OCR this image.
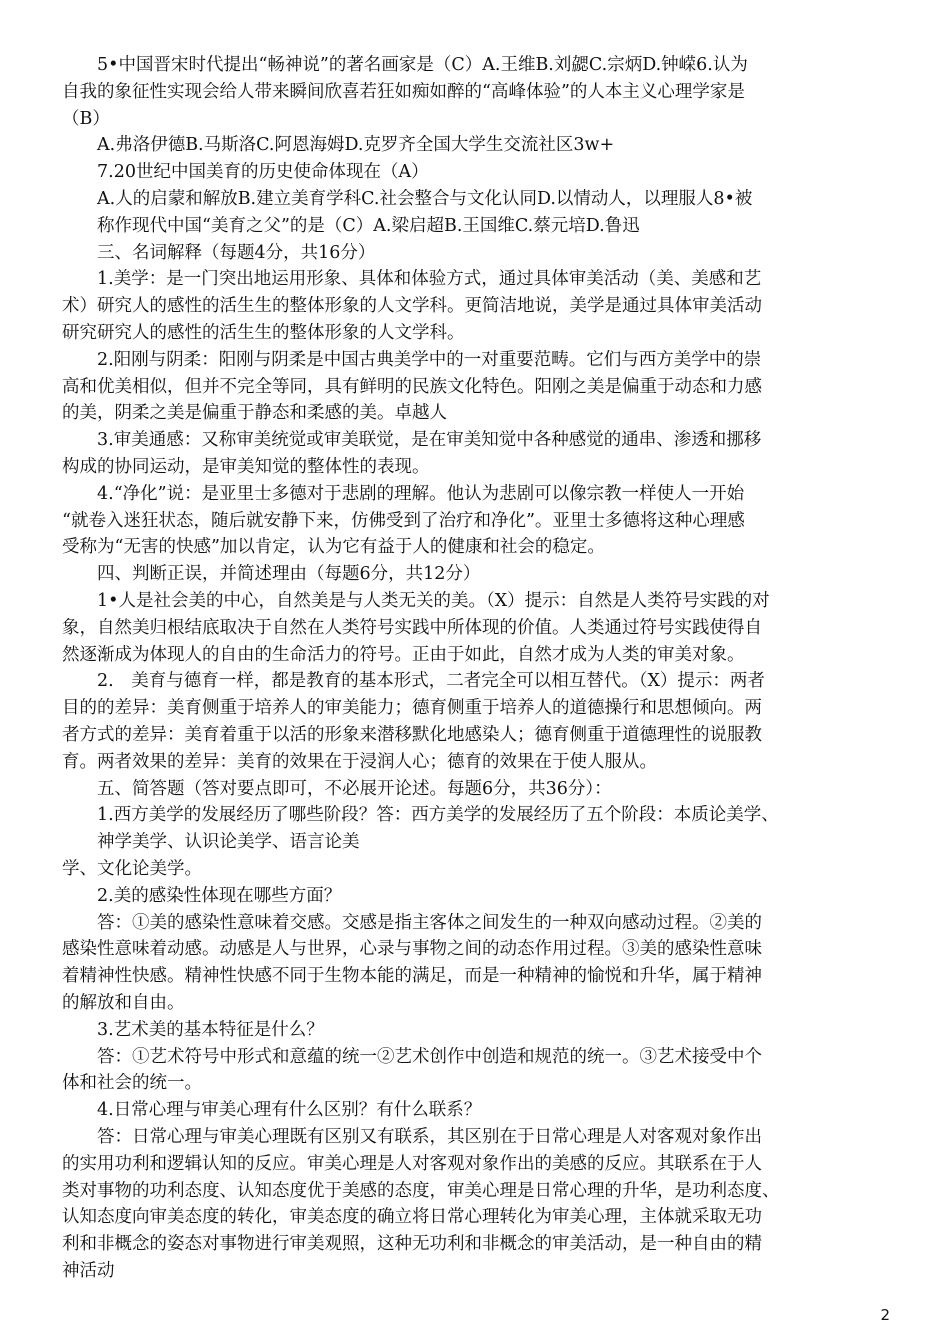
　　5•中国晋宋时代提出“畅神说”的著名画家是（C）A.王维B.刘勰C.宗炳D.钟嵘6.认为
自我的象征性实现会给人带来瞬间欣喜若狂如痴如醉的“高峰体验”的人本主义心理学家是
（B）
　　A.弗洛伊德B.马斯洛C.阿恩海姆D.克罗齐全国大学生交流社区3w+
　　7.20世纪中国美育的历史使命体现在（A）
　　A.人的启蒙和解放B.建立美育学科C.社会整合与文化认同D.以情动人，以理服人8•被
　　称作现代中国“美育之父”的是（C）A.梁启超B.王国维C.蔡元培D.鲁迅
　　三、名词解释（每题4分，共16分）
　　1.美学：是一门突出地运用形象、具体和体验方式，通过具体审美活动（美、美感和艺
术）研究人的感性的活生生的整体形象的人文学科。更简洁地说，美学是通过具体审美活动
研究研究人的感性的活生生的整体形象的人文学科。
　　2.阳刚与阴柔：阳刚与阴柔是中国古典美学中的一对重要范畴。它们与西方美学中的崇
高和优美相似，但并不完全等同，具有鲜明的民族文化特色。阳刚之美是偏重于动态和力感
的美，阴柔之美是偏重于静态和柔感的美。卓越人
　　3.审美通感：又称审美统觉或审美联觉，是在审美知觉中各种感觉的通串、渗透和挪移
构成的协同运动，是审美知觉的整体性的表现。
　　4.“净化”说：是亚里士多德对于悲剧的理解。他认为悲剧可以像宗教一样使人一开始
“就卷入迷狂状态，随后就安静下来，仿佛受到了治疗和净化”。亚里士多德将这种心理感
受称为“无害的快感”加以肯定，认为它有益于人的健康和社会的稳定。
　　四、判断正误，并简述理由（每题6分，共12分）
　　1•人是社会美的中心，自然美是与人类无关的美。（X）提示：自然是人类符号实践的对
象，自然美归根结底取决于自然在人类符号实践中所体现的价值。人类通过符号实践使得自
然逐渐成为体现人的自由的生命活力的符号。正由于如此，自然才成为人类的审美对象。
　　2.　美育与德育一样，都是教育的基本形式，二者完全可以相互替代。（X）提示：两者
目的的差异：美育侧重于培养人的审美能力；德育侧重于培养人的道德操行和思想倾向。两
者方式的差异：美育着重于以活的形象来潜移默化地感染人；德育侧重于道德理性的说服教
育。两者效果的差异：美育的效果在于浸润人心；德育的效果在于使人服从。
　　五、简答题（答对要点即可，不必展开论述。每题6分，共36分）：
　　1.西方美学的发展经历了哪些阶段？答：西方美学的发展经历了五个阶段：本质论美学、
　　神学美学、认识论美学、语言论美
学、文化论美学。
　　2.美的感染性体现在哪些方面？
　　答：①美的感染性意味着交感。交感是指主客体之间发生的一种双向感动过程。②美的
感染性意味着动感。动感是人与世界，心录与事物之间的动态作用过程。③美的感染性意味
着精神性快感。精神性快感不同于生物本能的满足，而是一种精神的愉悦和升华，属于精神
的解放和自由。
　　3.艺术美的基本特征是什么？
　　答：①艺术符号中形式和意蕴的统一②艺术创作中创造和规范的统一。③艺术接受中个
体和社会的统一。
　　4.日常心理与审美心理有什么区别？有什么联系？
　　答：日常心理与审美心理既有区别又有联系，其区别在于日常心理是人对客观对象作出
的实用功利和逻辑认知的反应。审美心理是人对客观对象作出的美感的反应。其联系在于人
类对事物的功利态度、认知态度优于美感的态度，审美心理是日常心理的升华，是功利态度、
认知态度向审美态度的转化，审美态度的确立将日常心理转化为审美心理，主体就采取无功
利和非概念的姿态对事物进行审美观照，这种无功利和非概念的审美活动，是一种自由的精
神活动
2
